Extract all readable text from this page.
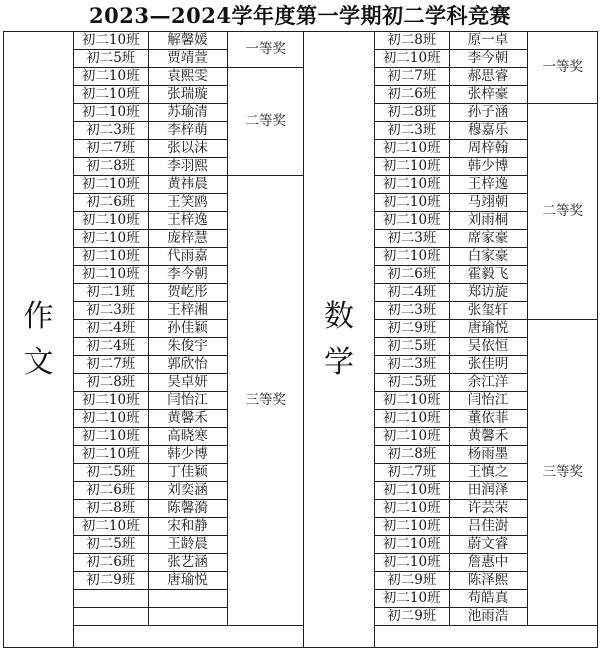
2023—2024学年度第一学期初二学科竞赛
作
文

初二10班	解馨媛	一等奖
初二5班	贾靖萱
初二10班	袁熙雯	二等奖
初二10班	张瑞璇
初二10班	苏瑜清
初二3班	李梓萌
初二7班	张以沫
初二8班	李羽熙
初二10班	黄祎晨	三等奖
初二6班	王笑鸥
初二10班	王梓逸
初二10班	庞梓慧
初二10班	代雨嘉
初二10班	李今朝
初二1班	贺屹彤
初二3班	王梓湘
初二4班	孙佳颖
初二4班	朱俊宇
初二7班	郭欣怡
初二8班	吴卓妍
初二10班	闫怡江
初二10班	黄馨禾
初二10班	高晓寒
初二10班	韩少博
初二5班	丁佳颖
初二6班	刘奕涵
初二8班	陈馨漪
初二10班	宋和静
初二5班	王龄晨
初二6班	张艺涵
初二9班	唐瑜悦

数
学

初二8班	原一卓	一等奖
初二10班	李今朝
初二7班	郝思睿
初二6班	张梓豪
初二8班	孙子涵	二等奖
初二3班	穆嘉乐
初二10班	周梓翰
初二10班	韩少博
初二10班	王梓逸
初二10班	马翊朝
初二10班	刘雨桐
初二3班	席家豪
初二10班	白家豪
初二6班	霍毅飞
初二4班	郑访旋
初二3班	张玺轩
初二9班	唐瑜悦	三等奖
初二5班	吴依恒
初二3班	张佳明
初二5班	余江洋
初二10班	闫怡江
初二10班	董依菲
初二10班	黄馨禾
初二8班	杨雨墨
初二7班	王慎之
初二10班	田润泽
初二10班	许芸荣
初二10班	吕佳澍
初二10班	蔚文睿
初二10班	詹惠中
初二9班	陈泽熙
初二10班	苟皓真
初二9班	池雨浩
